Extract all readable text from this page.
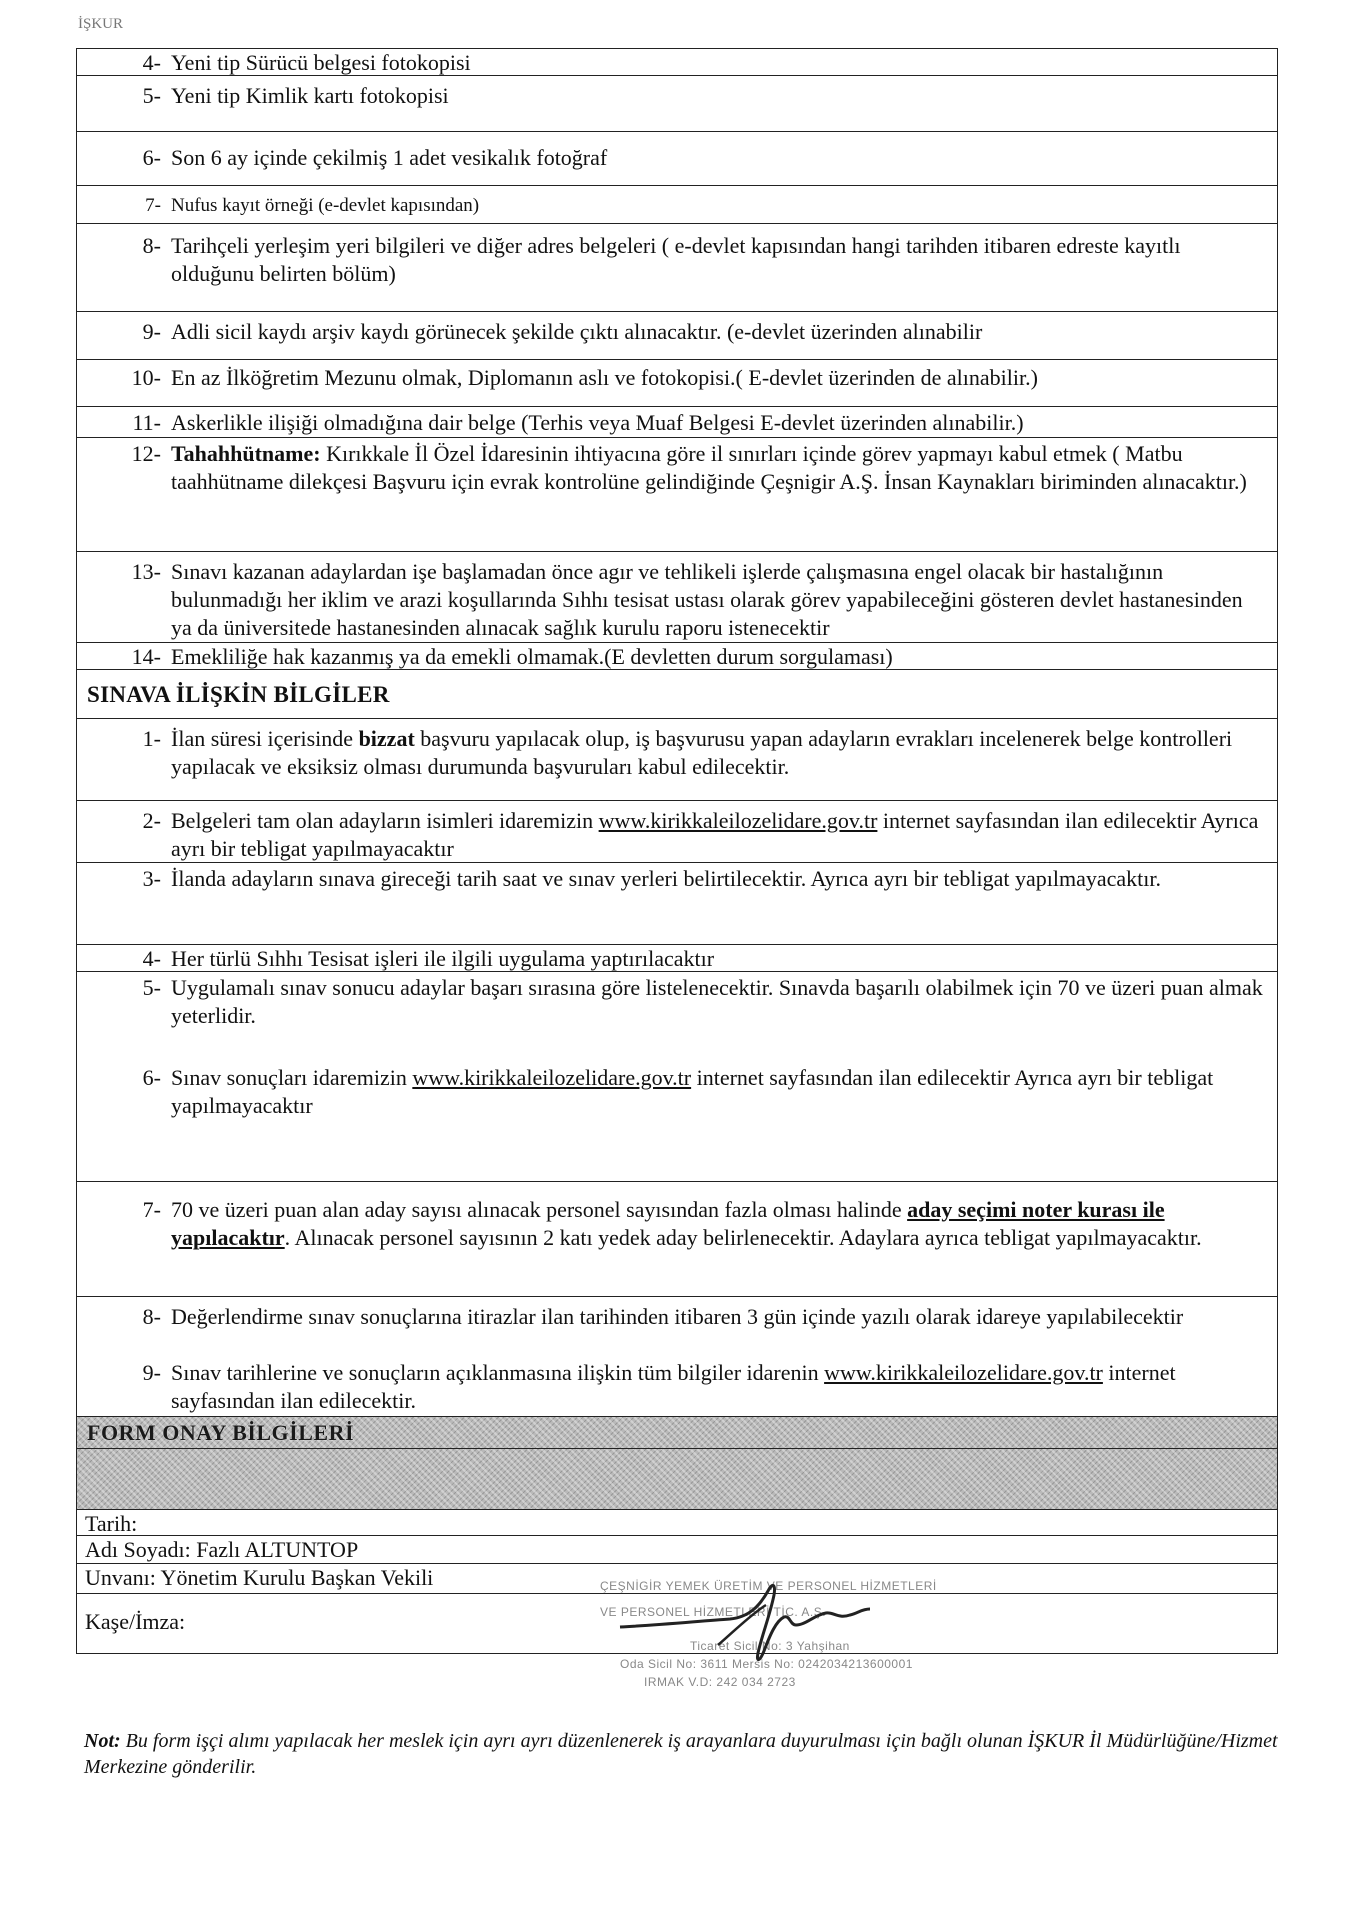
İŞKUR
4- Yeni tip Sürücü belgesi fotokopisi
5- Yeni tip Kimlik kartı fotokopisi
6- Son 6 ay içinde çekilmiş 1 adet vesikalık fotoğraf
7- Nufus kayıt örneği (e-devlet kapısından)
8- Tarihçeli yerleşim yeri bilgileri ve diğer adres belgeleri ( e-devlet kapısından hangi tarihden itibaren edreste kayıtlı olduğunu belirten bölüm)
9- Adli sicil kaydı arşiv kaydı görünecek şekilde çıktı alınacaktır. (e-devlet üzerinden alınabilir
10- En az İlköğretim Mezunu olmak, Diplomanın aslı ve fotokopisi.( E-devlet üzerinden de alınabilir.)
11- Askerlikle ilişiği olmadığına dair belge (Terhis veya Muaf Belgesi E-devlet üzerinden alınabilir.)
12- Tahahhütname: Kırıkkale İl Özel İdaresinin ihtiyacına göre il sınırları içinde görev yapmayı kabul etmek ( Matbu taahhütname dilekçesi Başvuru için evrak kontrolüne gelindiğinde Çeşnigir A.Ş. İnsan Kaynakları biriminden alınacaktır.)
13- Sınavı kazanan adaylardan işe başlamadan önce agır ve tehlikeli işlerde çalışmasına engel olacak bir hastalığının bulunmadığı her iklim ve arazi koşullarında Sıhhı tesisat ustası olarak görev yapabileceğini gösteren devlet hastanesinden ya da üniversitede hastanesinden alınacak sağlık kurulu raporu istenecektir
14- Emekliliğe hak kazanmış ya da emekli olmamak.(E devletten durum sorgulaması)
SINAVA İLİŞKİN BİLGİLER
1- İlan süresi içerisinde bizzat başvuru yapılacak olup, iş başvurusu yapan adayların evrakları incelenerek belge kontrolleri yapılacak ve eksiksiz olması durumunda başvuruları kabul edilecektir.
2- Belgeleri tam olan adayların isimleri idaremizin www.kirikkaleilozelidare.gov.tr internet sayfasından ilan edilecektir Ayrıca ayrı bir tebligat yapılmayacaktır
3- İlanda adayların sınava gireceği tarih saat ve sınav yerleri belirtilecektir. Ayrıca ayrı bir tebligat yapılmayacaktır.
4- Her türlü Sıhhı Tesisat işleri ile ilgili uygulama yaptırılacaktır
5- Uygulamalı sınav sonucu adaylar başarı sırasına göre listelenecektir. Sınavda başarılı olabilmek için 70 ve üzeri puan almak yeterlidir.
6- Sınav sonuçları idaremizin www.kirikkaleilozelidare.gov.tr internet sayfasından ilan edilecektir Ayrıca ayrı bir tebligat yapılmayacaktır
7- 70 ve üzeri puan alan aday sayısı alınacak personel sayısından fazla olması halinde aday seçimi noter kurası ile yapılacaktır. Alınacak personel sayısının 2 katı yedek aday belirlenecektir. Adaylara ayrıca tebligat yapılmayacaktır.
8- Değerlendirme sınav sonuçlarına itirazlar ilan tarihinden itibaren 3 gün içinde yazılı olarak idareye yapılabilecektir
9- Sınav tarihlerine ve sonuçların açıklanmasına ilişkin tüm bilgiler idarenin www.kirikkaleilozelidare.gov.tr internet sayfasından ilan edilecektir.
FORM ONAY BİLGİLERİ
Tarih:
Adı Soyadı: Fazlı ALTUNTOP
Unvanı: Yönetim Kurulu Başkan Vekili
Kaşe/İmza:
ÇEŞNİGİR YEMEK ÜRETİM VE PERSONEL HİZMETLERİ
VE PERSONEL HİZMETLERİ TİC. A.Ş.
Ticaret Sicil No: 3 Yahşihan
Oda Sicil No: 3611 Mersis No: 0242034213600001
IRMAK V.D: 242 034 2723
Not: Bu form işçi alımı yapılacak her meslek için ayrı ayrı düzenlenerek iş arayanlara duyurulması için bağlı olunan İŞKUR İl Müdürlüğüne/Hizmet Merkezine gönderilir.
